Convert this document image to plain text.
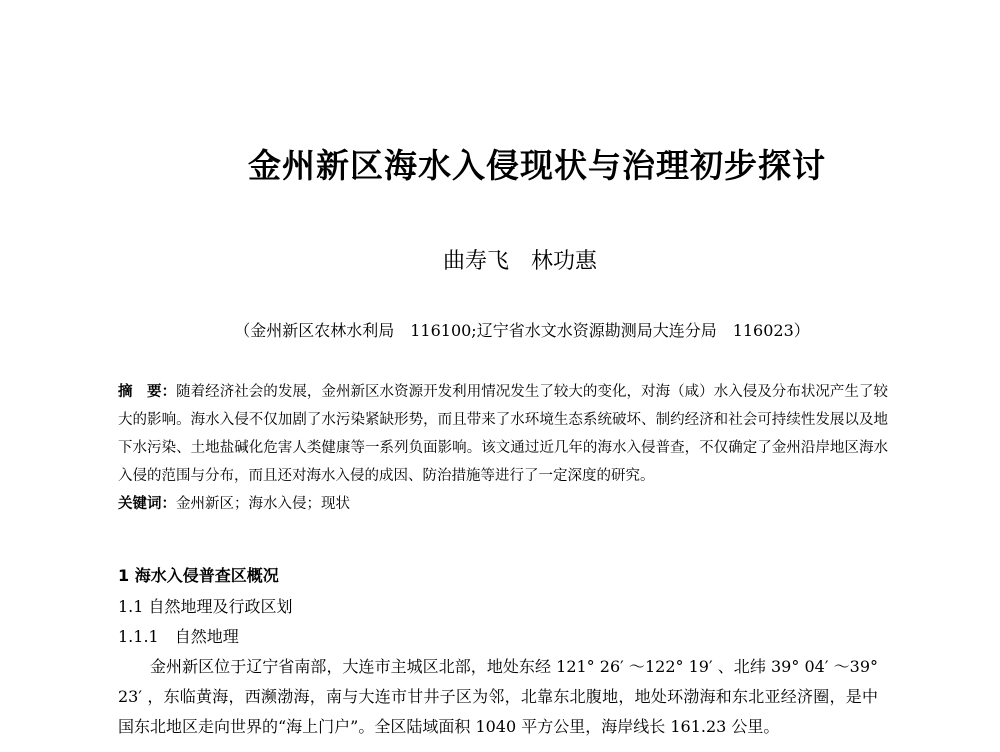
金州新区海水入侵现状与治理初步探讨
曲寿飞 林功惠
（金州新区农林水利局　116100;辽宁省水文水资源勘测局大连分局　116023）
摘　要：随着经济社会的发展，金州新区水资源开发利用情况发生了较大的变化，对海（咸）水入侵及分布状况产生了较大的影响。海水入侵不仅加剧了水污染紧缺形势，而且带来了水环境生态系统破坏、制约经济和社会可持续性发展以及地下水污染、土地盐碱化危害人类健康等一系列负面影响。该文通过近几年的海水入侵普查，不仅确定了金州沿岸地区海水入侵的范围与分布，而且还对海水入侵的成因、防治措施等进行了一定深度的研究。
关键词：金州新区；海水入侵；现状
1 海水入侵普查区概况
1.1 自然地理及行政区划
1.1.1　自然地理
金州新区位于辽宁省南部，大连市主城区北部，地处东经 121° 26′ ～122° 19′ 、北纬 39° 04′ ～39° 23′ ，东临黄海，西濒渤海，南与大连市甘井子区为邻，北靠东北腹地，地处环渤海和东北亚经济圈，是中国东北地区走向世界的“海上门户”。全区陆域面积 1040 平方公里，海岸线长 161.23 公里。
